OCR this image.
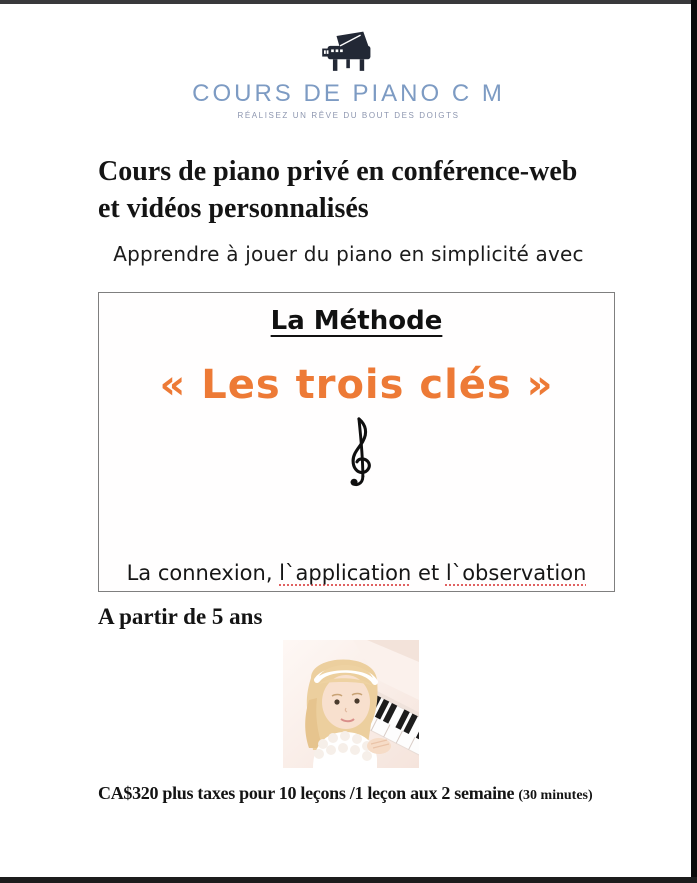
COURS DE PIANO C M
RÉALISEZ UN RÊVE DU BOUT DES DOIGTS
Cours de piano privé en conférence-web
et vidéos personnalisés
Apprendre à jouer du piano en simplicité avec
La Méthode
« Les trois clés »
La connexion, l`application et l`observation
A partir de 5 ans
CA$320 plus taxes pour 10 leçons /1 leçon aux 2 semaine (30 minutes)
